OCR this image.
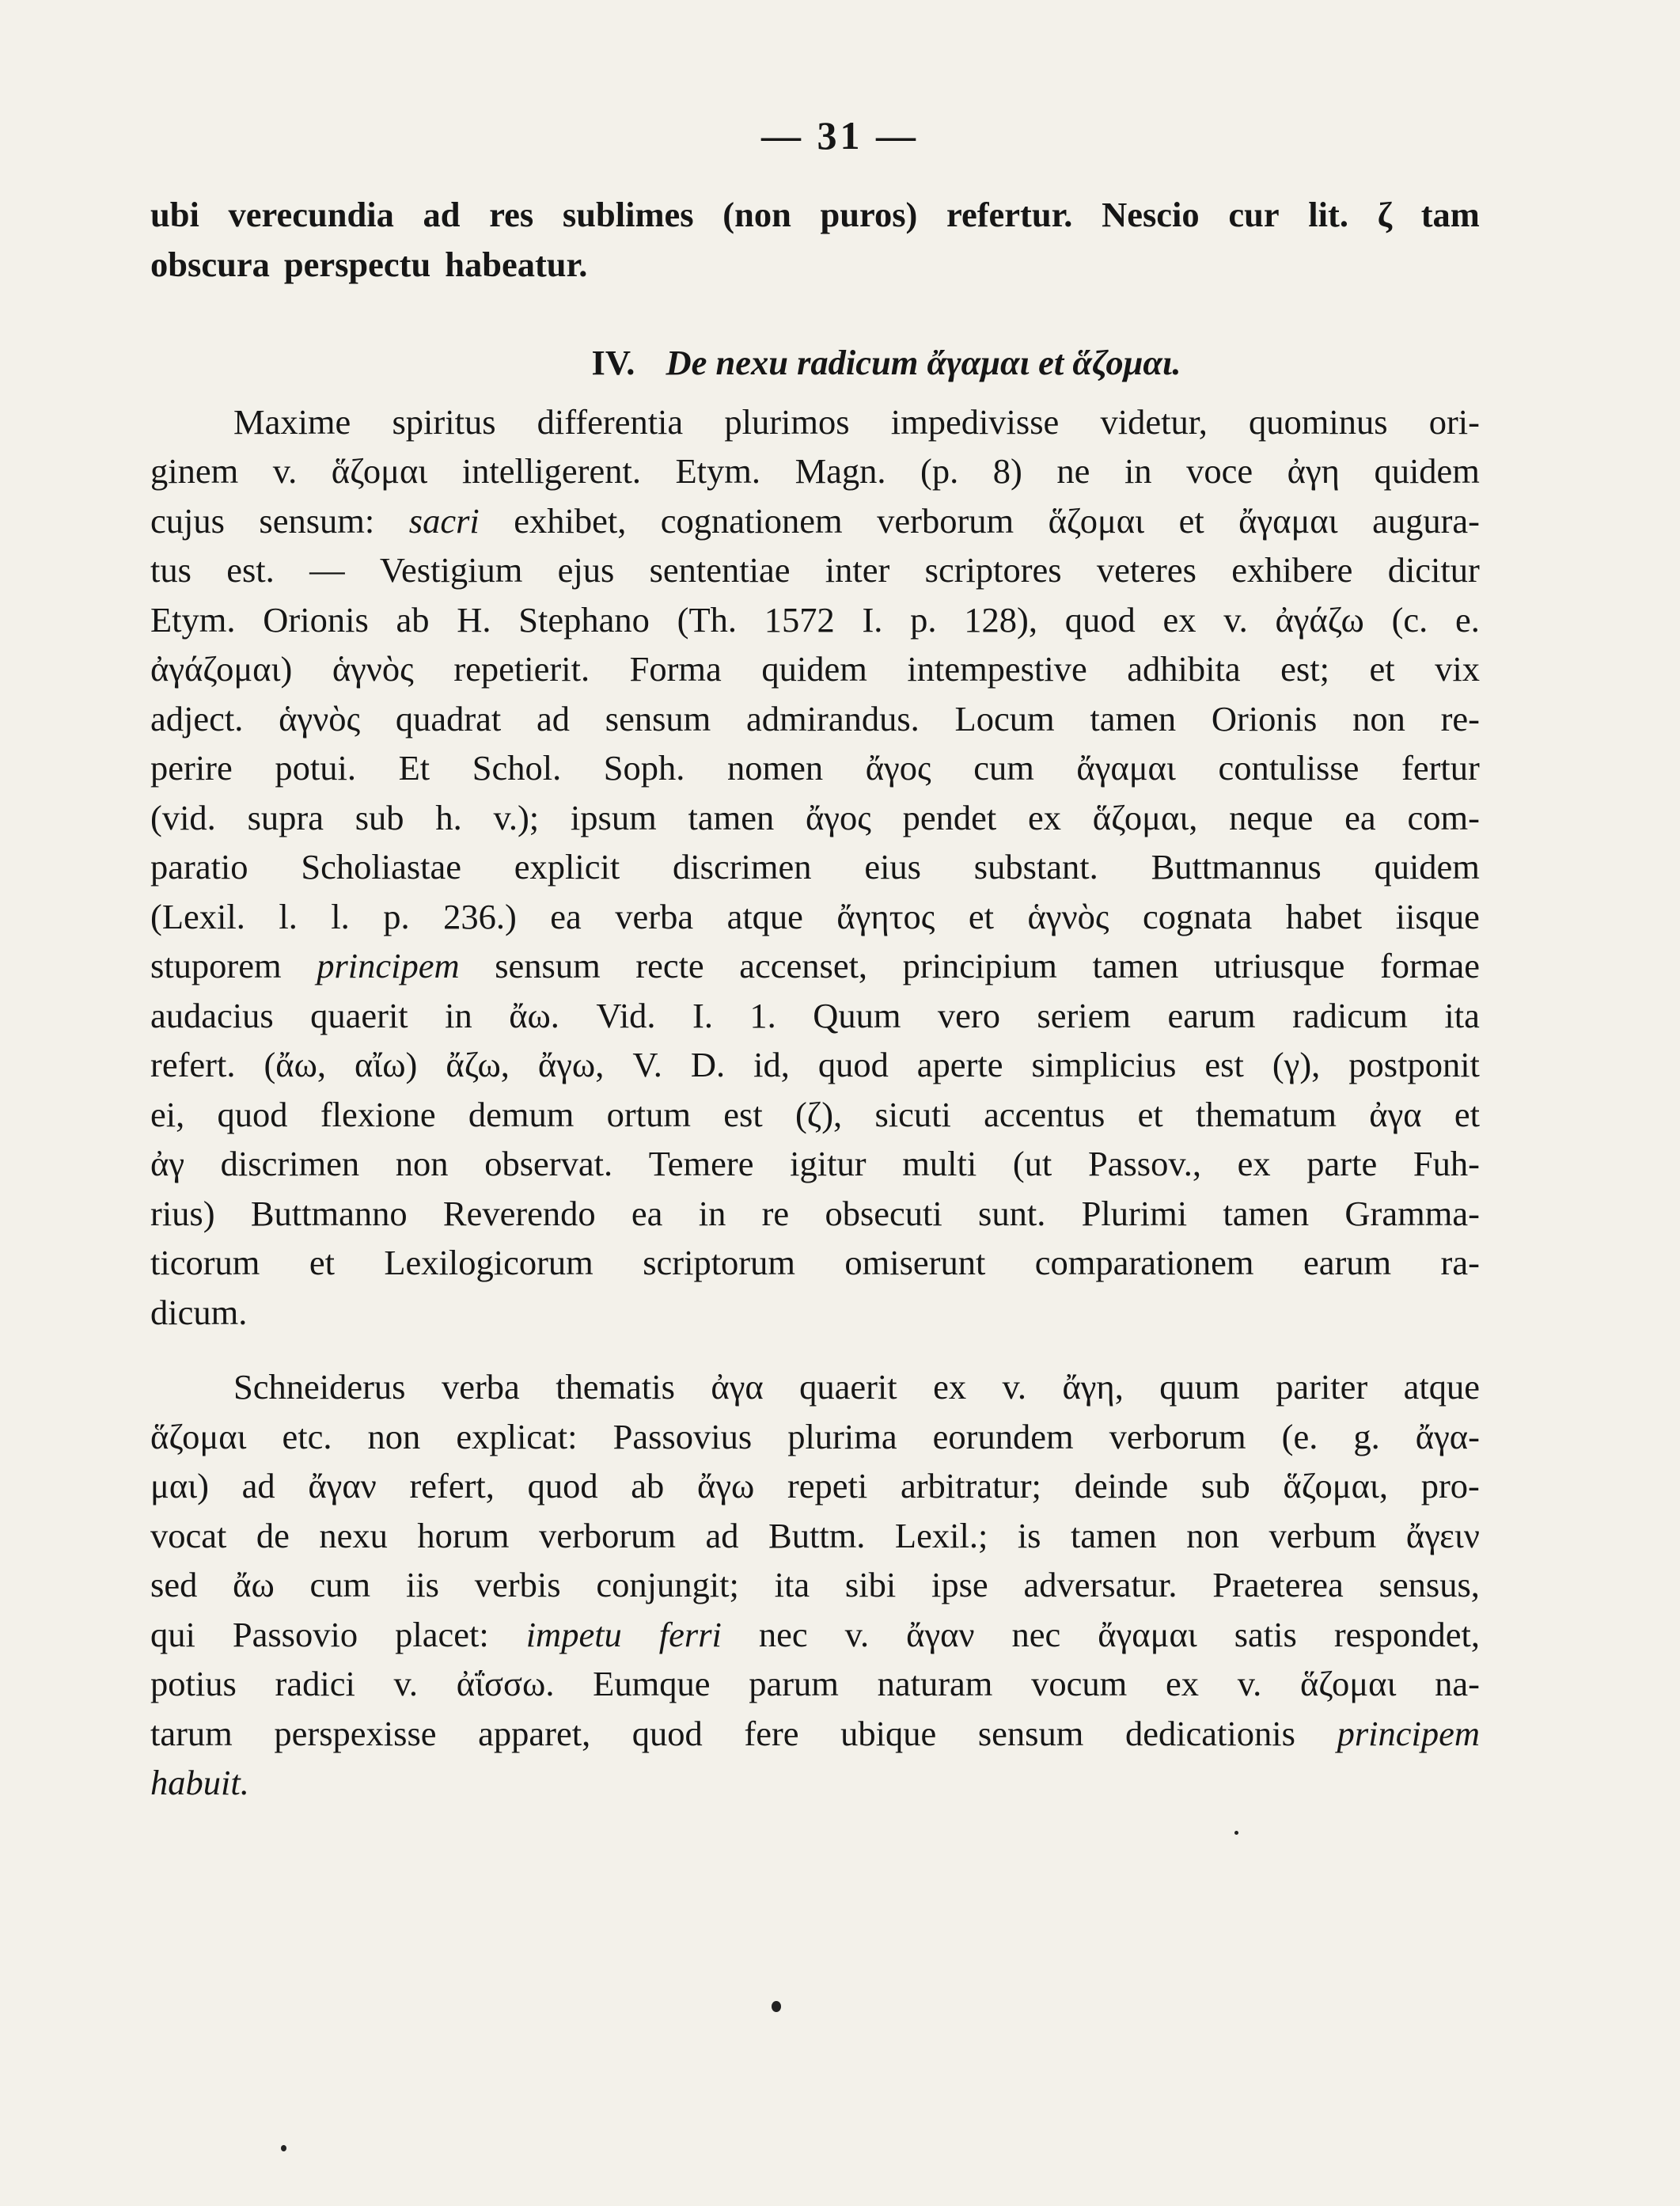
— 31 —
ubi verecundia ad res sublimes (non puros) refertur. Nescio cur lit. ζ tam
obscura perspectu habeatur.
IV. De nexu radicum ἄγαμαι et ἅζομαι.
Maxime spiritus differentia plurimos impedivisse videtur, quominus ori-
ginem v. ἅζομαι intelligerent. Etym. Magn. (p. 8) ne in voce ἀγη quidem
cujus sensum: sacri exhibet, cognationem verborum ἅζομαι et ἄγαμαι augura-
tus est. — Vestigium ejus sententiae inter scriptores veteres exhibere dicitur
Etym. Orionis ab H. Stephano (Th. 1572 I. p. 128), quod ex v. ἀγάζω (c. e.
ἀγάζομαι) ἁγνὸς repetierit. Forma quidem intempestive adhibita est; et vix
adject. ἁγνὸς quadrat ad sensum admirandus. Locum tamen Orionis non re-
perire potui. Et Schol. Soph. nomen ἄγος cum ἄγαμαι contulisse fertur
(vid. supra sub h. v.); ipsum tamen ἄγος pendet ex ἅζομαι, neque ea com-
paratio Scholiastae explicit discrimen eius substant. Buttmannus quidem
(Lexil. l. l. p. 236.) ea verba atque ἄγητος et ἁγνὸς cognata habet iisque
stuporem principem sensum recte accenset, principium tamen utriusque formae
audacius quaerit in ἄω. Vid. I. 1. Quum vero seriem earum radicum ita
refert. (ἄω, αἴω) ἄζω, ἄγω, V. D. id, quod aperte simplicius est (γ), postponit
ei, quod flexione demum ortum est (ζ), sicuti accentus et thematum ἀγα et
ἀγ discrimen non observat. Temere igitur multi (ut Passov., ex parte Fuh-
rius) Buttmanno Reverendo ea in re obsecuti sunt. Plurimi tamen Gramma-
ticorum et Lexilogicorum scriptorum omiserunt comparationem earum ra-
dicum.
Schneiderus verba thematis ἀγα quaerit ex v. ἄγη, quum pariter atque
ἅζομαι etc. non explicat: Passovius plurima eorundem verborum (e. g. ἄγα-
μαι) ad ἄγαν refert, quod ab ἄγω repeti arbitratur; deinde sub ἅζομαι, pro-
vocat de nexu horum verborum ad Buttm. Lexil.; is tamen non verbum ἄγειν
sed ἄω cum iis verbis conjungit; ita sibi ipse adversatur. Praeterea sensus,
qui Passovio placet: impetu ferri nec v. ἄγαν nec ἄγαμαι satis respondet,
potius radici v. ἀΐσσω. Eumque parum naturam vocum ex v. ἅζομαι na-
tarum perspexisse apparet, quod fere ubique sensum dedicationis principem
habuit.
